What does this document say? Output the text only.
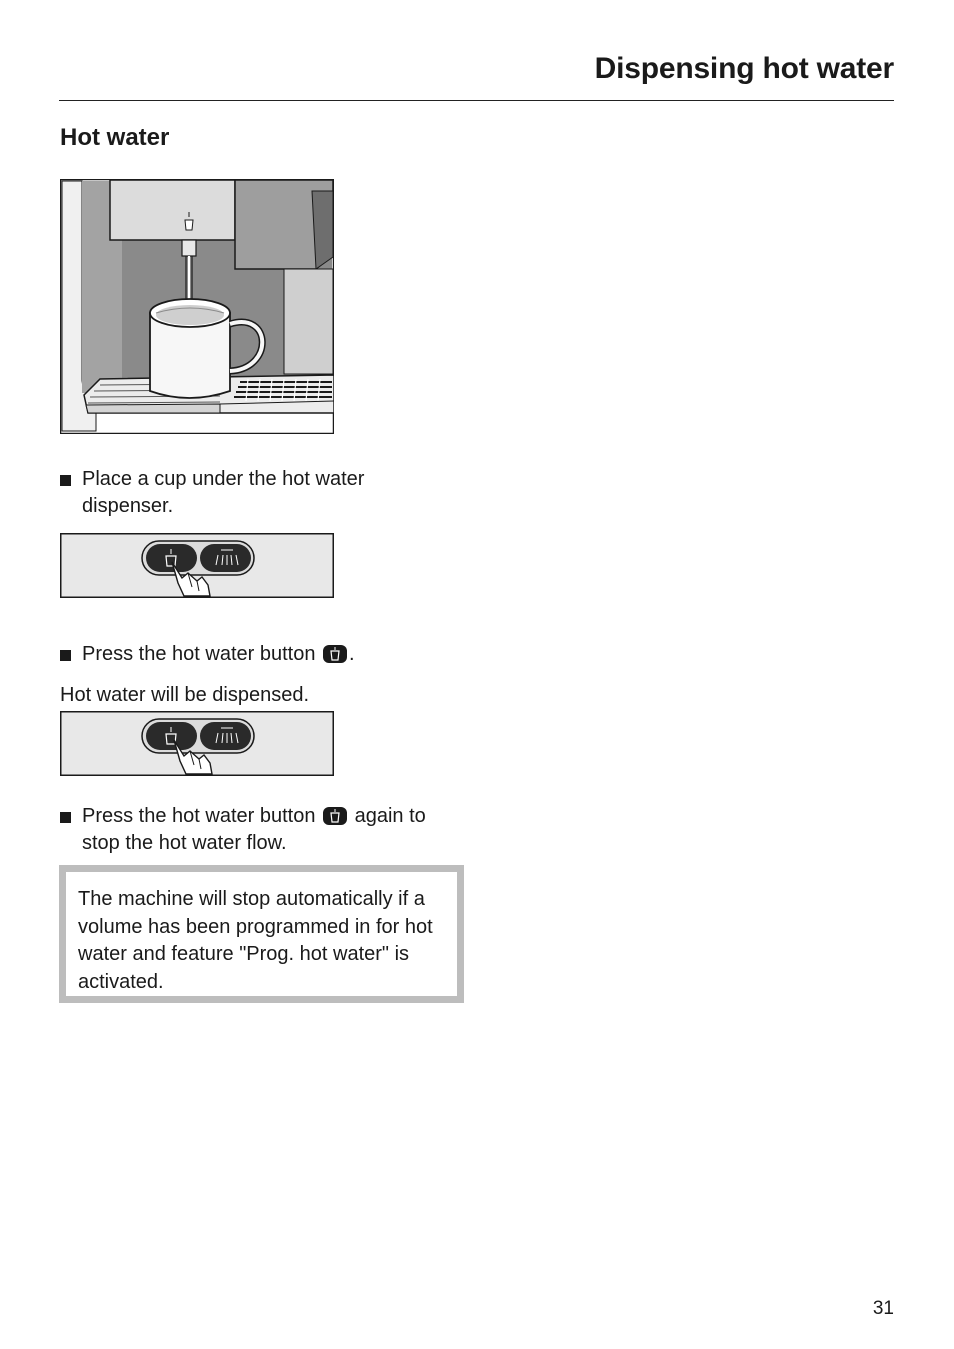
Dispensing hot water
Hot water
Place a cup under the hot water dispenser.
Press the hot water button .

Hot water will be dispensed.

Press the hot water button again to stop the hot water flow.
The machine will stop automatically if a volume has been programmed in for hot water and feature "Prog. hot water" is activated.

31
